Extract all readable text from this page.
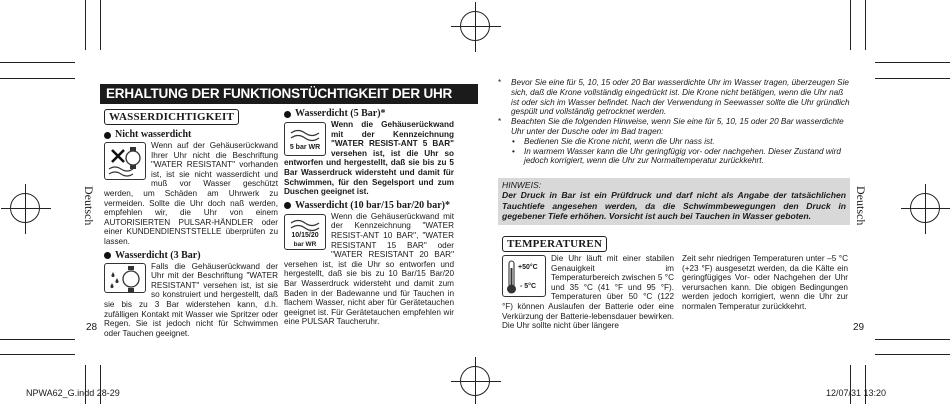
ERHALTUNG DER FUNKTIONSTÜCHTIGKEIT DER UHR
WASSERDICHTIGKEIT
Nicht wasserdicht

Wenn auf der Gehäuserückwand Ihrer Uhr nicht die Beschriftung "WATER RESISTANT" vorhanden ist, ist sie nicht wasserdicht und muß vor Wasser geschützt werden, um Schäden am Uhrwerk zu vermeiden. Sollte die Uhr doch naß werden, empfehlen wir, die Uhr von einem AUTORISIERTEN PULSAR-HÄNDLER oder einer KUNDENDIENSTSTELLE überprüfen zu lassen.

Wasserdicht (3 Bar)

Falls die Gehäuserückwand der Uhr mit der Beschriftung "WATER RESISTANT" versehen ist, ist sie so konstruiert und hergestellt, daß sie bis zu 3 Bar widerstehen kann, d.h. zufälligen Kontakt mit Wasser wie Spritzer oder Regen. Sie ist jedoch nicht für Schwimmen oder Tauchen geeignet.

Wasserdicht (5 Bar)*
5 bar WR

Wenn die Gehäuserückwand mit der Kennzeichnung "WATER RESIST-ANT 5 BAR" versehen ist, ist die Uhr so entworfen und hergestellt, daß sie bis zu 5 Bar Wasserdruck widersteht und damit für Schwimmen, für den Segelsport und zum Duschen geeignet ist.

Wasserdicht (10 bar/15 bar/20 bar)*
10/15/20
bar WR

Wenn die Gehäuserückwand mit der Kennzeichnung "WATER RESIST-ANT 10 BAR", "WATER RESISTANT 15 BAR" oder "WATER RESISTANT 20 BAR" versehen ist, ist die Uhr so entworfen und hergestellt, daß sie bis zu 10 Bar/15 Bar/20 Bar Wasserdruck widersteht und damit zum Baden in der Badewanne und für Tauchen in flachem Wasser, nicht aber für Gerätetauchen geeignet ist. Für Gerätetauchen empfehlen wir eine PULSAR Taucheruhr.

Deutsch
28
* Bevor Sie eine für 5, 10, 15 oder 20 Bar wasserdichte Uhr im Wasser tragen, überzeugen Sie sich, daß die Krone vollständig eingedrückt ist. Die Krone nicht betätigen, wenn die Uhr naß ist oder sich im Wasser befindet. Nach der Verwendung in Seewasser sollte die Uhr gründlich gespült und vollständig getrocknet werden.
* Beachten Sie die folgenden Hinweise, wenn Sie eine für 5, 10, 15 oder 20 Bar wasserdichte Uhr unter der Dusche oder im Bad tragen:
• Bedienen Sie die Krone nicht, wenn die Uhr nass ist.
• In warmem Wasser kann die Uhr geringfügig vor- oder nachgehen. Dieser Zustand wird jedoch korrigiert, wenn die Uhr zur Normaltemperatur zurückkehrt.
HINWEIS:
Der Druck in Bar ist ein Prüfdruck und darf nicht als Angabe der tatsächlichen Tauchtiefe angesehen werden, da die Schwimmbewegungen den Druck in gegebener Tiefe erhöhen. Vorsicht ist auch bei Tauchen in Wasser geboten.
TEMPERATUREN
+50°C
- 5°C

Die Uhr läuft mit einer stabilen Genauigkeit im Temperaturbereich zwischen 5 °C und 35 °C (41 °F und 95 °F). Temperaturen über 50 °C (122 °F) können Auslaufen der Batterie oder eine Verkürzung der Batterie-lebensdauer bewirken. Die Uhr sollte nicht über längere

Zeit sehr niedrigen Temperaturen unter –5 °C (+23 °F) ausgesetzt werden, da die Kälte ein geringfügiges Vor- oder Nachgehen der Uhr verursachen kann. Die obigen Bedingungen werden jedoch korrigiert, wenn die Uhr zur normalen Temperatur zurückkehrt.

Deutsch
29
NPWA62_G.indd 28-29	12/07/31 13:20
